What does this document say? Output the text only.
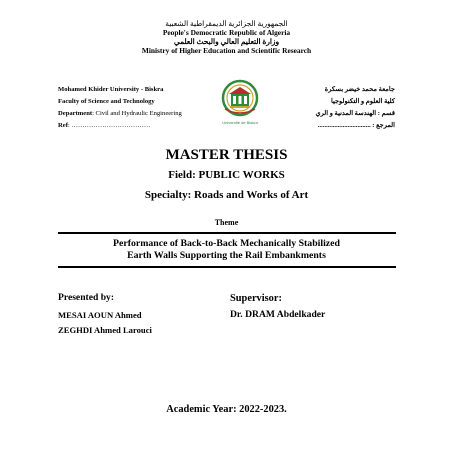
الجمهورية الجزائرية الديمقراطية الشعبية
People's Democratic Republic of Algeria
وزارة التعليم العالي والبحث العلمي
Ministry of Higher Education and Scientific Research
Mohamed Khider University - Biskra
Faculty of Science and Technology
Department: Civil and Hydraulic Engineering
Ref: ………………………………	Université de Biskra
جامعة محمد خيضر بسكرة
كلية العلوم و التكنولوجيا
قسم : الهندسة المدنية و الري
المرجع : ................................
MASTER THESIS
Field: PUBLIC WORKS
Specialty: Roads and Works of Art
Theme
Performance of Back-to-Back Mechanically Stabilized
Earth Walls Supporting the Rail Embankments
Presented by:
MESAI AOUN Ahmed
ZEGHDI Ahmed Larouci
Supervisor:
Dr. DRAM Abdelkader
Academic Year: 2022-2023.
